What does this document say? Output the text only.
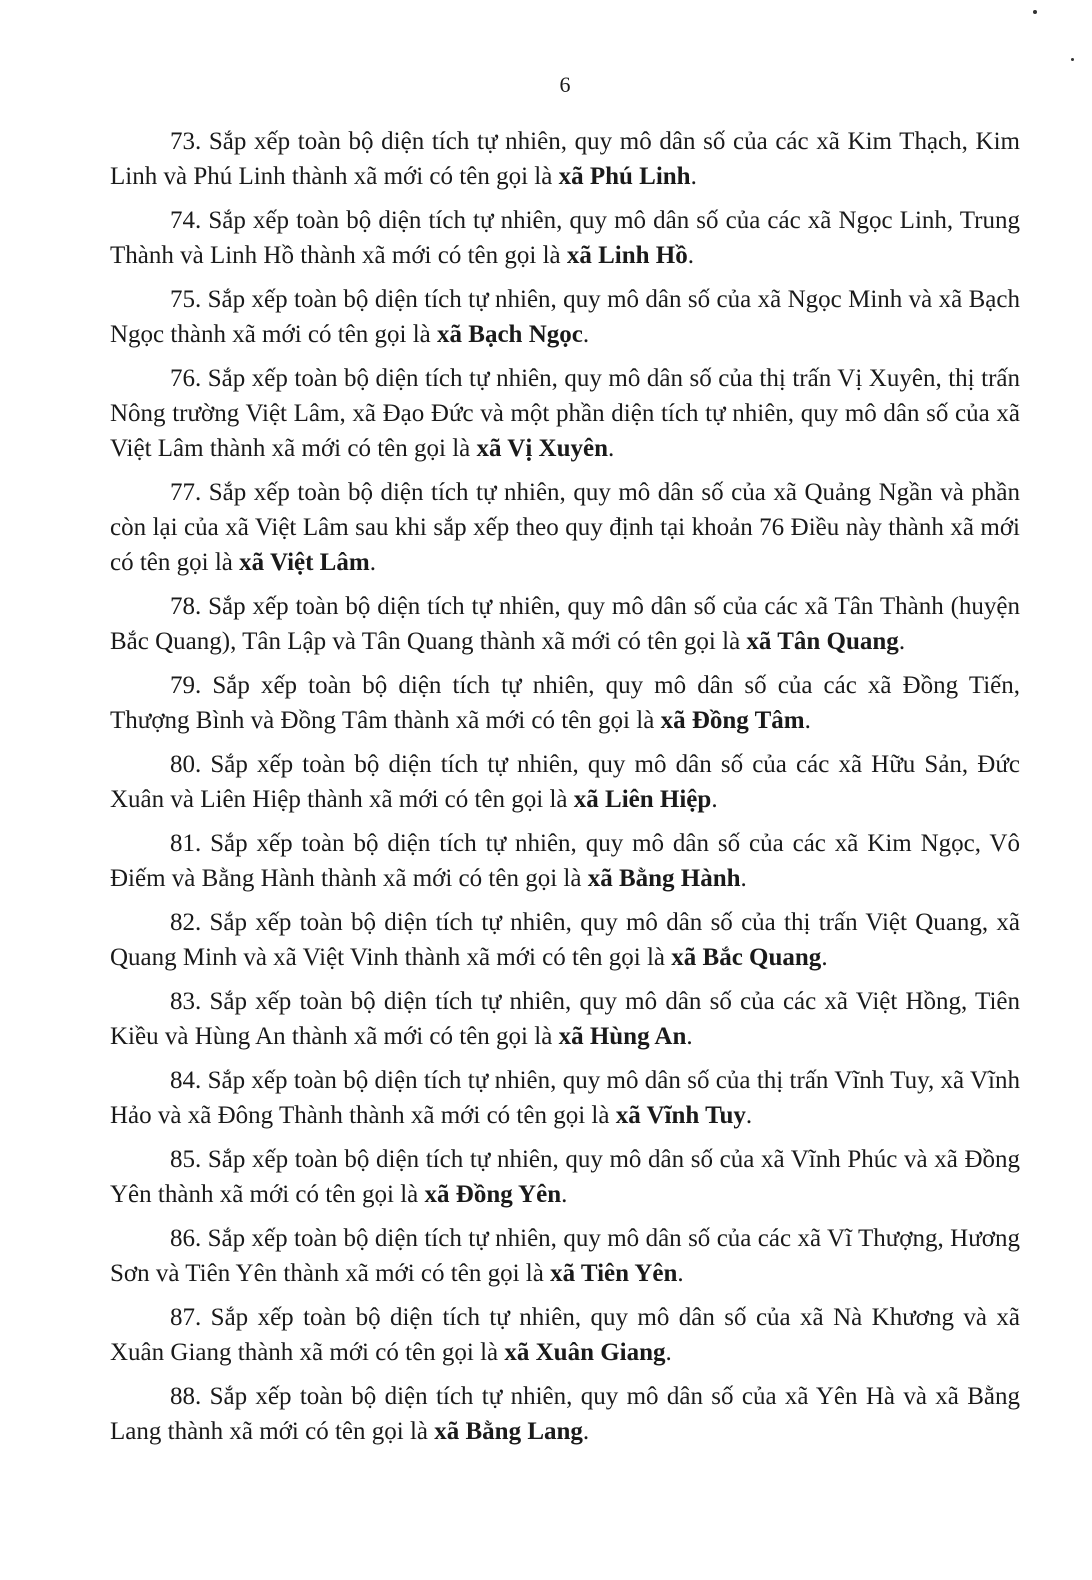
6

73. Sắp xếp toàn bộ diện tích tự nhiên, quy mô dân số của các xã Kim Thạch, Kim Linh và Phú Linh thành xã mới có tên gọi là xã Phú Linh.

74. Sắp xếp toàn bộ diện tích tự nhiên, quy mô dân số của các xã Ngọc Linh, Trung Thành và Linh Hồ thành xã mới có tên gọi là xã Linh Hồ.

75. Sắp xếp toàn bộ diện tích tự nhiên, quy mô dân số của xã Ngọc Minh và xã Bạch Ngọc thành xã mới có tên gọi là xã Bạch Ngọc.

76. Sắp xếp toàn bộ diện tích tự nhiên, quy mô dân số của thị trấn Vị Xuyên, thị trấn Nông trường Việt Lâm, xã Đạo Đức và một phần diện tích tự nhiên, quy mô dân số của xã Việt Lâm thành xã mới có tên gọi là xã Vị Xuyên.

77. Sắp xếp toàn bộ diện tích tự nhiên, quy mô dân số của xã Quảng Ngần và phần còn lại của xã Việt Lâm sau khi sắp xếp theo quy định tại khoản 76 Điều này thành xã mới có tên gọi là xã Việt Lâm.

78. Sắp xếp toàn bộ diện tích tự nhiên, quy mô dân số của các xã Tân Thành (huyện Bắc Quang), Tân Lập và Tân Quang thành xã mới có tên gọi là xã Tân Quang.

79. Sắp xếp toàn bộ diện tích tự nhiên, quy mô dân số của các xã Đồng Tiến, Thượng Bình và Đồng Tâm thành xã mới có tên gọi là xã Đồng Tâm.

80. Sắp xếp toàn bộ diện tích tự nhiên, quy mô dân số của các xã Hữu Sản, Đức Xuân và Liên Hiệp thành xã mới có tên gọi là xã Liên Hiệp.

81. Sắp xếp toàn bộ diện tích tự nhiên, quy mô dân số của các xã Kim Ngọc, Vô Điếm và Bằng Hành thành xã mới có tên gọi là xã Bằng Hành.

82. Sắp xếp toàn bộ diện tích tự nhiên, quy mô dân số của thị trấn Việt Quang, xã Quang Minh và xã Việt Vinh thành xã mới có tên gọi là xã Bắc Quang.

83. Sắp xếp toàn bộ diện tích tự nhiên, quy mô dân số của các xã Việt Hồng, Tiên Kiều và Hùng An thành xã mới có tên gọi là xã Hùng An.

84. Sắp xếp toàn bộ diện tích tự nhiên, quy mô dân số của thị trấn Vĩnh Tuy, xã Vĩnh Hảo và xã Đông Thành thành xã mới có tên gọi là xã Vĩnh Tuy.

85. Sắp xếp toàn bộ diện tích tự nhiên, quy mô dân số của xã Vĩnh Phúc và xã Đồng Yên thành xã mới có tên gọi là xã Đồng Yên.

86. Sắp xếp toàn bộ diện tích tự nhiên, quy mô dân số của các xã Vĩ Thượng, Hương Sơn và Tiên Yên thành xã mới có tên gọi là xã Tiên Yên.

87. Sắp xếp toàn bộ diện tích tự nhiên, quy mô dân số của xã Nà Khương và xã Xuân Giang thành xã mới có tên gọi là xã Xuân Giang.

88. Sắp xếp toàn bộ diện tích tự nhiên, quy mô dân số của xã Yên Hà và xã Bằng Lang thành xã mới có tên gọi là xã Bằng Lang.
